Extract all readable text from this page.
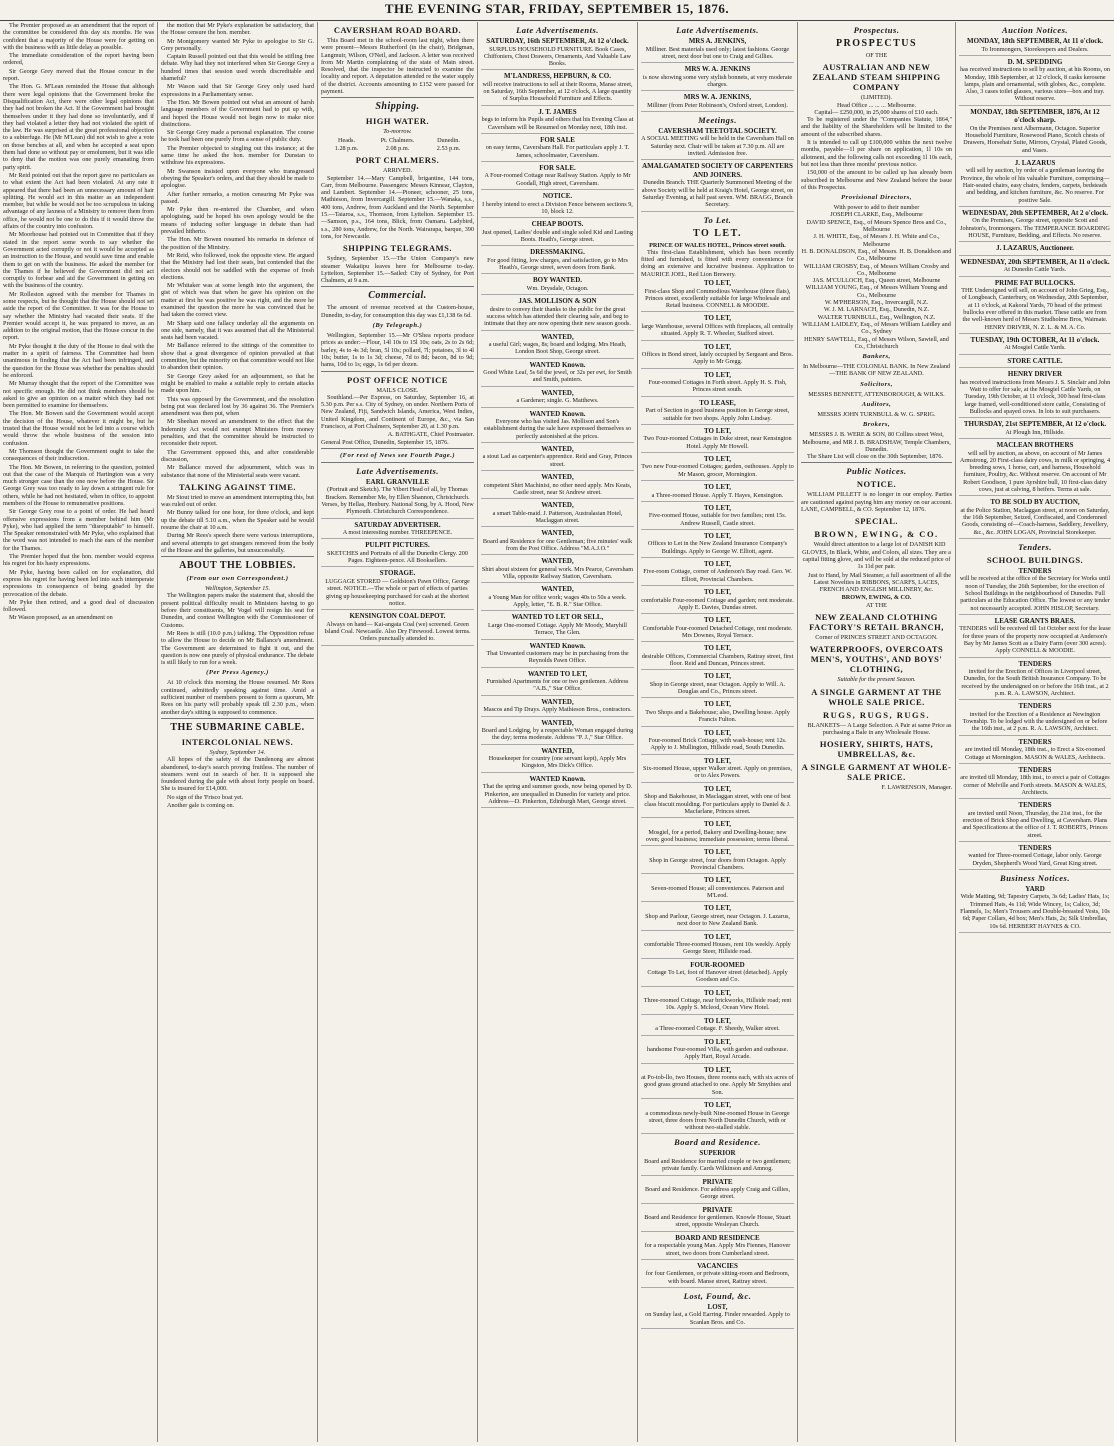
THE EVENING STAR, FRIDAY, SEPTEMBER 15, 1876.

The Premier proposed as an amendment that the report of the committee be considered this day six months. He was confident that a majority of the House were for getting on with the business with as little delay as possible.

The immediate consideration of the report having been ordered,

Sir George Grey moved that the House concur in the report.

The Hon. G. M'Lean reminded the House that although there were legal opinions that the Government broke the Disqualification Act, there were other legal opinions that they had not broken the Act. If the Government had brought themselves under it they had done so involuntarily, and if they had violated a letter they had not violated the spirit of the law. He was surprised at the great professional objection to a subterfuge. He (Mr M'Lean) did not wish to give a vote on those benches at all, and when he accepted a seat upon them had done so without pay or emolument, but it was idle to deny that the motion was one purely emanating from party spirit.

Mr Reid pointed out that the report gave no particulars as to what extent the Act had been violated. At any rate it appeared that there had been an unnecessary amount of hair splitting. He would act in this matter as an independent member, but while he would not be too scrupulous in taking advantage of any laxness of a Ministry to remove them from office, he would not be one to do this if it would throw the affairs of the country into confusion.

Mr Moorhouse had pointed out in Committee that if they stated in the report some words to say whether the Government acted corruptly or not it would be accepted as an instruction to the House, and would save time and enable them to get on with the business. He asked the member for the Thames if he believed the Government did not act corruptly to forbear and aid the Government in getting on with the business of the country.

Mr Rolleston agreed with the member for Thames in some respects, but he thought that the House should not set aside the report of the Committee. It was for the House to say whether the Ministry had vacated their seats. If the Premier would accept it, he was prepared to move, as an addition to the original motion, that the House concur in the report.

Mr Pyke thought it the duty of the House to deal with the matter in a spirit of fairness. The Committee had been unanimous in finding that the Act had been infringed, and the question for the House was whether the penalties should be enforced.

Mr Murray thought that the report of the Committee was not specific enough. He did not think members should be asked to give an opinion on a matter which they had not been permitted to examine for themselves.

The Hon. Mr Bowen said the Government would accept the decision of the House, whatever it might be, but he trusted that the House would not be led into a course which would throw the whole business of the session into confusion.

Mr Thomson thought the Government ought to take the consequences of their indiscretion.

The Hon. Mr Bowen, in referring to the question, pointed out that the case of the Marquis of Hartington was a very much stronger case than the one now before the House. Sir George Grey was too ready to lay down a stringent rule for others, while he had not hesitated, when in office, to appoint members of the House to remunerative positions.

Sir George Grey rose to a point of order. He had heard offensive expressions from a member behind him (Mr Pyke), who had applied the term "disreputable" to himself. The Speaker remonstrated with Mr Pyke, who explained that the word was not intended to reach the ears of the member for the Thames.

The Premier hoped that the hon. member would express his regret for his hasty expressions.

Mr Pyke, having been called on for explanation, did express his regret for having been led into such intemperate expressions in consequence of being goaded by the provocation of the debate.

Mr Pyke then retired, and a good deal of discussion followed.

Mr Wason proposed, as an amendment on

the motion that Mr Pyke's explanation be satisfactory, that the House censure the hon. member.

Mr Montgomery wanted Mr Pyke to apologise to Sir G. Grey personally.

Captain Russell pointed out that this would be stifling free debate. Why had they not interfered when Sir George Grey a hundred times that session used words discreditable and shameful?

Mr Wason said that Sir George Grey only used hard expressions in a Parliamentary sense.

The Hon. Mr Bowen pointed out what an amount of harsh language members of the Government had to put up with, and hoped the House would not begin now to make nice distinctions.

Sir George Grey made a personal explanation. The course he took had been one purely from a sense of public duty.

The Premier objected to singling out this instance; at the same time he asked the hon. member for Dunstan to withdraw his expressions.

Mr Swanson insisted upon everyone who transgressed obeying the Speaker's orders, and that they should be made to apologise.

After further remarks, a motion censuring Mr Pyke was passed.

Mr Pyke then re-entered the Chamber, and when apologising, said he hoped his own apology would be the means of inducing softer language in debate than had prevailed hitherto.

The Hon. Mr Bowen resumed his remarks in defence of the position of the Ministry.

Mr Reid, who followed, took the opposite view. He argued that the Ministry had lost their seats, but contended that the electors should not be saddled with the expense of fresh elections.

Mr Whitaker was at some length into the argument, the gist of which was that when he gave his opinion on the matter at first he was positive he was right, and the more he examined the question the more he was convinced that he had taken the correct view.

Mr Sharp said one fallacy underlay all the arguments on one side, namely, that it was assumed that all the Ministerial seats had been vacated.

Mr Ballance referred to the sittings of the committee to show that a great divergence of opinion prevailed at that committee, but the minority on that committee would not like to abandon their opinion.

Sir George Grey asked for an adjournment, so that he might be enabled to make a suitable reply to certain attacks made upon him.

This was opposed by the Government, and the resolution being put was declared lost by 36 against 36. The Premier's amendment was then put, when

Mr Sheehan moved an amendment to the effect that the Indemnity Act would not exempt Ministers from money penalties, and that the committee should be instructed to reconsider their report.

The Government opposed this, and after considerable discussion,

Mr Ballance moved the adjournment, which was in substance that none of the Ministerial seats were vacant.

TALKING AGAINST TIME.

Mr Stout tried to move an amendment interrupting this, but was ruled out of order.

Mr Bunny talked for one hour, for three o'clock, and kept up the debate till 5.10 a.m., when the Speaker said he would resume the chair at 10 a.m.

During Mr Rees's speech there were various interruptions, and several attempts to get strangers removed from the body of the House and the galleries, but unsuccessfully.

ABOUT THE LOBBIES.
(From our own Correspondent.)
Wellington, September 15.

The Wellington papers make the statement that, should the present political difficulty result in Ministers having to go before their constituents, Mr Vogel will resign his seat for Dunedin, and contest Wellington with the Commissioner of Customs.

Mr Rees is still (10.0 p.m.) talking. The Opposition refuse to allow the House to decide on Mr Ballance's amendment. The Government are determined to fight it out, and the question is now one purely of physical endurance. The debate is still likely to run for a week.

(Per Press Agency.)

At 10 o'clock this morning the House resumed. Mr Rees continued, admittedly speaking against time. Amid a sufficient number of members present to form a quorum, Mr Rees on his party will probably speak till 2.30 p.m., when another day's sitting is supposed to commence.

THE SUBMARINE CABLE.
INTERCOLONIAL NEWS.
Sydney, September 14.

All hopes of the safety of the Dandenong are almost abandoned, to-day's search proving fruitless. The number of steamers went out in search of her. It is supposed she foundered during the gale with about forty people on board. She is insured for £14,000.

No sign of the 'Frisco boat yet.

Another gale is coming on.

CAVERSHAM ROAD BOARD.

This Board met in the school-room last night, when there were present—Messrs Rutherford (in the chair), Bridgman, Langmuir, Wilson, O'Neil, and Jackson. A letter was received from Mr Martin complaining of the state of Main street. Resolved, that the inspector be instructed to examine the locality and report. A deputation attended re the water supply of the district. Accounts amounting to £152 were passed for payment.

Shipping.
HIGH WATER.
To-morrow.
Heads.	Pt. Chalmers.	Dunedin.
1.28 p.m.	2.08 p.m.	2.53 p.m.
PORT CHALMERS.
ARRIVED.

September 14.—Mary Campbell, brigantine, 144 tons, Carr, from Melbourne. Passengers: Messrs Kinnear, Clayton, and Lambert. September 14.—Pioneer, schooner, 25 tons, Mathieson, from Invercargill. September 15.—Wanaka, s.s., 400 tons, Andrew, from Auckland and the North. September 15.—Taiaroa, s.s., Thomson, from Lyttelton. September 15.—Samson, p.s., 164 tons, Blick, from Oamaru. Ladybird, s.s., 280 tons, Andrew, for the North. Wairarapa, barque, 390 tons, for Newcastle.

SHIPPING TELEGRAMS.

Sydney, September 15.—The Union Company's new steamer Wakatipu leaves here for Melbourne to-day. Lyttelton, September 15.—Sailed: City of Sydney, for Port Chalmers, at 9 a.m.

Commercial.

The amount of revenue received at the Custom-house, Dunedin, to-day, for consumption this day was £1,138 6s 6d.

(By Telegraph.)

Wellington, September 15.—Mr O'Shea reports produce prices as under:—Flour, 14l 10s to 15l 10s; oats, 2s to 2s 6d; barley, 4s to 4s 3d; bran, 5l 10s; pollard, 7l; potatoes, 3l to 4l 10s; butter, 1s to 1s 3d; cheese, 7d to 8d; bacon, 8d to 9d; hams, 10d to 1s; eggs, 1s 6d per dozen.

POST OFFICE NOTICE
MAILS CLOSE.

Southland.—Per Express, on Saturday, September 16, at 5.30 p.m. Per s.s. City of Sydney, on under. Northern Ports of New Zealand, Fiji, Sandwich Islands, America, West Indies, United Kingdom, and Continent of Europe, &c., via San Francisco, at Port Chalmers, September 20, at 1.30 p.m.

A. BATHGATE, Chief Postmaster.
General Post Office, Dunedin, September 15, 1876.
(For rest of News see Fourth Page.)
Late Advertisements.
EARL GRANVILLE
(Portrait and Sketch). The Vibert Head of all, by Thomas Bracken. Remember Me, by Ellen Shannon, Christchurch. Verses, by Hellas, Henbury. National Song, by A. Hood, New Plymouth. Christchurch Correspondence.
SATURDAY ADVERTISER.
A most interesting number. THREEPENCE.
PULPIT PICTURES.
SKETCHES and Portraits of all the Dunedin Clergy. 200 Pages. Eighteen-pence. All Booksellers.
STORAGE.
LUGGAGE STORED — Goldston's Pawn Office, George street. NOTICE.—The whole or part of effects of parties giving up housekeeping purchased for cash at the shortest notice.
KENSINGTON COAL DEPOT.
Always on hand— Kai-angata Coal (we) screened. Green Island Coal. Newcastle. Also Dry Firewood. Lowest terms. Orders punctually attended to.
Late Advertisements.
SATURDAY, 16th SEPTEMBER, At 12 o'clock.
SURPLUS HOUSEHOLD FURNITURE. Book Cases, Chiffoniers, Chest Drawers, Ornaments, And Valuable Law Books.
M'LANDRESS, HEPBURN, & CO.
will receive instructions to sell at their Rooms, Manse street, on Saturday, 16th September, at 12 o'clock, A large quantity of Surplus Household Furniture and Effects.
J. T. JAMES
begs to inform his Pupils and others that his Evening Class at Caversham will be Resumed on Monday next, 18th inst.
FOR SALE
on easy terms, Caversham Hall. For particulars apply J. T. James, schoolmaster, Caversham.
FOR SALE.
A Four-roomed Cottage near Railway Station. Apply to Mr Goodall, High street, Caversham.
NOTICE.
I hereby intend to erect a Division Fence between sections 9, 10, block 12.
CHEAP BOOTS.
Just opened, Ladies' double and single soled Kid and Lasting Boots. Heath's, George street.
DRESSMAKING.
For good fitting, low charges, and satisfaction, go to Mrs Heath's, George street, seven doors from Bank.
BOY WANTED.
Wm. Drysdale, Octagon.
JAS. MOLLISON & SON
desire to convey their thanks to the public for the great success which has attended their clearing sale, and beg to intimate that they are now opening their new season goods.
WANTED,
a useful Girl; wages, 8s; board and lodging. Mrs Heath, London Boot Shop, George street.
WANTED Known.
Good White Leaf, 5s 6d the jewel, or 32s per ewt, for Smith and Smith, painters.
WANTED,
a Gardener; single. G. Matthews.
WANTED Known.
Everyone who has visited Jas. Mollison and Son's establishment during the sale have expressed themselves so perfectly astonished at the prices.
WANTED,
a stout Lad as carpenter's apprentice. Reid and Gray, Princes street.
WANTED,
competent Shirt Machinist, no other need apply. Mrs Keats, Castle street, near St Andrew street.
WANTED,
a smart Table-maid. J. Patterson, Australasian Hotel, Maclaggan street.
WANTED,
Board and Residence for one Gentleman; five minutes' walk from the Post Office. Address "M.A.J.O."
WANTED,
Shirt about sixteen for general work. Mrs Pearce, Caversham Villa, opposite Railway Station, Caversham.
WANTED,
a Young Man for office work; wages 40s to 50s a week. Apply, letter, "E. B. R." Star Office.
WANTED TO LET OR SELL,
Large One-roomed Cottage. Apply Mr Moody, Maryhill Terrace, The Glen.
WANTED Known.
That Unwanted customers may be in purchasing from the Reynolds Pawn Office.
WANTED TO LET,
Furnished Apartments for one or two gentlemen. Address "A.B.," Star Office.
WANTED,
Mascos and Tip Drays. Apply Mathieson Bros., contractors.
WANTED,
Board and Lodging, by a respectable Woman engaged during the day; terms moderate. Address "P. J.," Star Office.
WANTED,
Housekeeper for country (one servant kept), Apply Mrs Kingston, Mrs Dick's Office.
WANTED Known.
That the spring and summer goods, now being opened by D. Pinkerton, are unequalled in Dunedin for variety and price. Address—D. Pinkerton, Edinburgh Mart, George street.
Late Advertisements.
MRS A. JENKINS,
Milliner. Best materials used only; latest fashions. George street, next door but one to Craig and Gillies.
MRS W. A. JENKINS
is now showing some very stylish bonnets, at very moderate charges.
MRS W. A. JENKINS,
Milliner (from Peter Robinson's, Oxford street, London).
Meetings.
CAVERSHAM TEETOTAL SOCIETY.
A SOCIAL MEETING will be held in the Caversham Hall on Saturday next. Chair will be taken at 7.30 p.m. All are invited. Admission free.
AMALGAMATED SOCIETY OF CARPENTERS AND JOINERS.
Dunedin Branch. THE Quarterly Summoned Meeting of the above Society will be held at Kraig's Hotel, George street, on Saturday Evening, at half past seven. WM. BRAGG, Branch Secretary.
To Let.
TO LET.
PRINCE OF WALES HOTEL, Princes street south.

This first-class Establishment, which has been recently fitted and furnished, is fitted with every convenience for doing an extensive and lucrative business. Application to MAURICE JOEL, Red Lion Brewery.

TO LET,
First-class Shop and Commodious Warehouse (three flats), Princes street, excellently suitable for large Wholesale and Retail business. CONNELL & MOODIE.
TO LET,
large Warehouse, several Offices with fireplaces, all centrally situated. Apply R. T. Wheeler, Stafford street.
TO LET,
Offices in Bond street, lately occupied by Sergeant and Bros. Apply to Mr Gregg.
TO LET,
Four-roomed Cottages in Forth street. Apply H. S. Fish, Princes street south.
TO LEASE,
Part of Section in good business position in George street, suitable for two shops. Apply John Lindsay.
TO LET,
Two Four-roomed Cottages in Duke street, near Kensington Hotel. Apply Mr Howell.
TO LET,
Two new Four-roomed Cottages; garden, outhouses. Apply to Mr Mason, grocer, Mornington.
TO LET,
a Three-roomed House. Apply T. Hayes, Kensington.
TO LET,
Five-roomed House, suitable for two families; rent 15s. Andrew Russell, Castle street.
TO LET,
Offices to Let in the New Zealand Insurance Company's Buildings. Apply to George W. Elliott, agent.
TO LET,
Five-room Cottage, corner of Anderson's Bay road. Geo. W. Elliott, Provincial Chambers.
TO LET,
comfortable Four-roomed Cottage and garden; rent moderate. Apply E. Davies, Dundas street.
TO LET,
Comfortable Four-roomed Detached Cottage, rent moderate. Mrs Downes, Royal Terrace.
TO LET,
desirable Offices, Commercial Chambers, Rattray street, first floor. Reid and Duncan, Princes street.
TO LET,
Shop in George street, near Octagon. Apply to Will. A. Douglas and Co., Princes street.
TO LET,
Two Shops and a Bakehouse; also, Dwelling house. Apply Francis Fulton.
TO LET,
Four-roomed Brick Cottage, with wash-house; rent 12s. Apply to J. Mullington, Hillside road, South Dunedin.
TO LET,
Six-roomed House, upper Walker street. Apply on premises, or to Alex Powers.
TO LET,
Shop and Bakehouse, in Maclaggan street, with one of best class biscuit moulding. For particulars apply to Daniel & J. Macfarlane, Princes street.
TO LET,
Mosgiel, for a period, Bakery and Dwelling-house; new oven; good business; immediate possession; terms liberal.
TO LET,
Shop in George street, four doors from Octagon. Apply Provincial Chambers.
TO LET,
Seven-roomed House; all conveniences. Paterson and M'Leod.
TO LET,
Shop and Parlour, George street, near Octagon. J. Lazarus, next door to New Zealand Bank.
TO LET,
comfortable Three-roomed Houses, rent 10s weekly. Apply George Steer, Hillside road.
FOUR-ROOMED
Cottage To Let, foot of Hanover street (detached). Apply Goodson and Co.
TO LET,
Three-roomed Cottage, near brickworks, Hillside road; rent 10s. Apply S. Mcleod, Ocean View Hotel.
TO LET,
a Three-roomed Cottage. F. Sheedy, Walker street.
TO LET,
handsome Four-roomed Villa, with garden and outhouse. Apply Hart, Royal Arcade.
TO LET,
at Po-tob-llo, two Houses, three rooms each, with six acres of good grass ground attached to one. Apply Mr Smythies and Son.
TO LET,
a commodious newly-built Nine-roomed House in George street, three doors from North Dunedin Church, with or without two-stalled stable.
Board and Residence.
SUPERIOR
Board and Residence for married couple or two gentlemen; private family. Cards Wilkinson and Amnog.
PRIVATE
Board and Residence. For address apply Craig and Gillies, George street.
PRIVATE
Board and Residence for gentlemen. Knowle House, Stuart street, opposite Wesleyan Church.
BOARD AND RESIDENCE
for a respectable young Man. Apply Mrs Fiennes, Hanover street, two doors from Cumberland street.
VACANCIES
for four Gentlemen, or private sitting-room and Bedroom, with board. Manse street, Rattray street.
Lost, Found, &c.
LOST,
on Sunday last, a Gold Earring. Finder rewarded. Apply to Scanlan Bros. and Co.
Prospectus.
PROSPECTUS
OF THE
AUSTRALIAN AND NEW ZEALAND STEAM SHIPPING COMPANY
(LIMITED).
Head Office ... ... ... Melbourne.
Capital— £250,000, in 25,000 shares of £10 each.

To be registered under the "Companies Statute, 1864," and the liability of the Shareholders will be limited to the amount of the subscribed shares.

It is intended to call up £100,000 within the next twelve months, payable—1l per share on application, 1l 10s on allotment, and the following calls not exceeding 1l 10s each, but not less than three months' previous notice.

150,000 of the amount to be called up has already been subscribed in Melbourne and New Zealand before the issue of this Prospectus.

Provisional Directors,
With power to add to their number
JOSEPH CLARKE, Esq., Melbourne
DAVID SPENCE, Esq., of Messrs Spence Bros and Co., Melbourne
J. H. WHITE, Esq., of Messrs J. H. White and Co., Melbourne
H. B. DONALDSON, Esq., of Messrs. H. B. Donaldson and Co., Melbourne
WILLIAM CROSBY, Esq., of Messrs William Crosby and Co., Melbourne
JAS. M'CULLOCH, Esq., Queen street, Melbourne
WILLIAM YOUNG, Esq., of Messrs William Young and Co., Melbourne
W. M'PHERSON, Esq., Invercargill, N.Z.
W. J. M. LARNACH, Esq., Dunedin, N.Z.
WALTER TURNBULL, Esq., Wellington, N.Z.
WILLIAM LAIDLEY, Esq., of Messrs William Laidley and Co., Sydney
HENRY SAWTELL, Esq., of Messrs Wilson, Sawtell, and Co., Christchurch
Bankers,
In Melbourne—THE COLONIAL BANK. In New Zealand—THE BANK OF NEW ZEALAND.
Solicitors,
MESSRS BENNETT, ATTENBOROUGH, & WILKS.
Auditors,
MESSRS JOHN TURNBULL & W. G. SPRIG.
Brokers,
MESSRS J. B. WERE & SON, 80 Collins street West, Melbourne, and MR J. B. BRADSHAW, Temple Chambers, Dunedin.

The Share List will close on the 30th September, 1876.

Public Notices.
NOTICE.

WILLIAM PILLETT is no longer in our employ. Parties are cautioned against paying him any money on our account. LANE, CAMPBELL, & CO. September 12, 1876.

SPECIAL.
BROWN, EWING, & CO.

Would direct attention to a large lot of DANISH KID GLOVES, In Black, White, and Colors, all sizes. They are a capital fitting glove, and will be sold at the reduced price of 1s 11d per pair.

Just to Hand, by Mail Steamer, a full assortment of all the Latest Novelties in RIBBONS, SCARFS, LACES, FRENCH AND ENGLISH MILLINERY, &c.

BROWN, EWING, & CO.
AT THE
NEW ZEALAND CLOTHING FACTORY'S RETAIL BRANCH,
Corner of PRINCES STREET AND OCTAGON.
WATERPROOFS, OVERCOATS MEN'S, YOUTHS', AND BOYS' CLOTHING,
Suitable for the present Season.
A SINGLE GARMENT AT THE WHOLE SALE PRICE.
RUGS, RUGS, RUGS.

BLANKETS— A Large Selection. A Pair at same Price as purchasing a Bale in any Wholesale House.

HOSIERY, SHIRTS, HATS, UMBRELLAS, &c.
A SINGLE GARMENT AT WHOLE-SALE PRICE.
F. LAWRENSON, Manager.
Auction Notices.
MONDAY, 18th SEPTEMBER, At 11 o'clock.
To Ironmongers, Storekeepers and Dealers.
D. M. SPEDDING
has received instructions to sell by auction, at his Rooms, on Monday, 18th September, at 12 o'clock, 8 casks kerosene lamps, plain and ornamental, with globes, &c., complete. Also, 3 cases toilet glasses, various sizes—box and tray. Without reserve.
MONDAY, 18th SEPTEMBER, 1876, At 12 o'clock sharp.
On the Premises next Albermann, Octagon. Superior Household Furniture, Rosewood Piano, Scotch chests of Drawers, Horsehair Suite, Mirrors, Crystal, Plated Goods, and Vases.
J. LAZARUS
will sell by auction, by order of a gentleman leaving the Province, the whole of his valuable Furniture, comprising—Hair-seated chairs, easy chairs, fenders, carpets, bedsteads and bedding, and kitchen furniture, &c. No reserve. For positive Sale.
WEDNESDAY, 20th SEPTEMBER, At 2 o'clock.
On the Premises, George street, opposite Scott and Johnston's, Ironmongers. The TEMPERANCE BOARDING HOUSE, Furniture, Bedding, and Effects. No reserve.
J. LAZARUS, Auctioneer.
WEDNESDAY, 20th SEPTEMBER, At 11 o'clock.
At Dunedin Cattle Yards.
PRIME FAT BULLOCKS.
THE Undersigned will sell, on account of John Grieg, Esq., of Longbeach, Canterbury, on Wednesday, 20th September, at 11 o'clock, at Kakoral Yards, 70 head of the primest bullocks ever offered in this market. These cattle are from the well-known herd of Messrs Studholme Bros, Waimate. HENRY DRIVER, N. Z. L. & M. A. Co.
TUESDAY, 19th OCTOBER, At 11 o'clock.
At Mosgiel Cattle Yards.
STORE CATTLE.
HENRY DRIVER
has received instructions from Messrs J. S. Sinclair and John Watt to offer for sale, at the Mosgiel Cattle Yards, on Tuesday, 19th October, at 11 o'clock, 300 head first-class large framed, well-conditioned store cattle, Consisting of Bullocks and spayed cows. In lots to suit purchasers.
THURSDAY, 21st SEPTEMBER, At 12 o'clock.
At Plough Inn, Hillside.
MACLEAN BROTHERS
will sell by auction, as above, on account of Mr James Armstrong, 20 First-class dairy cows, in milk or springing, 4 breeding sows, 1 horse, cart, and harness, Household furniture, Poultry, &c. Without reserve. On account of Mr Robert Goodison, 1 pure Ayrshire bull, 10 first-class dairy cows, just at calving, 8 heifers. Terms at sale.
TO BE SOLD BY AUCTION,
at the Police Station, Maclaggan street, at noon on Saturday, the 16th September, Seized, Confiscated, and Condemned Goods, consisting of—Coach-harness, Saddlery, Jewellery, &c., &c. JOHN LOGAN, Provincial Storekeeper.
Tenders.
SCHOOL BUILDINGS.
TENDERS
will be received at the office of the Secretary for Works until noon of Tuesday, the 26th September, for the erection of School Buildings in the neighbourhood of Dunedin. Full particulars at the Education Office. The lowest or any tender not necessarily accepted. JOHN HISLOP, Secretary.
LEASE GRANTS BRAES.
TENDERS will be received till 1st October next for the lease for three years of the property now occupied at Anderson's Bay by Mr James Scott as a Dairy Farm (over 300 acres). Apply CONNELL & MOODIE.
TENDERS
invited for the Erection of Offices in Liverpool street, Dunedin, for the South British Insurance Company. To be received by the undersigned on or before the 16th inst., at 2 p.m. R. A. LAWSON, Architect.
TENDERS
invited for the Erection of a Residence at Newington Township. To be lodged with the undersigned on or before the 16th inst., at 2 p.m. R. A. LAWSON, Architect.
TENDERS
are invited till Monday, 18th inst., to Erect a Six-roomed Cottage at Mornington. MASON & WALES, Architects.
TENDERS
are invited till Monday, 18th inst., to erect a pair of Cottages corner of Melville and Forth streets. MASON & WALES, Architects.
TENDERS
are invited until Noon, Thursday, the 21st inst., for the erection of Brick Shop and Dwelling, at Caversham. Plans and Specifications at the office of J. T. ROBERTS, Princes street.
TENDERS
wanted for Three-roomed Cottage, labor only. George Dryden, Shepherd's Wood Yard, Great King street.
Business Notices.
YARD
Wide Matting, 9d; Tapestry Carpets, 3s 6d; Ladies' Hats, 1s; Trimmed Hats, 4s 11d; Wide Wincey, 1s; Calico, 3d; Flannels, 1s; Men's Trousers and Double-breasted Vests, 10s 6d; Paper Collars, 4d box; Men's Hats, 2s; Silk Umbrellas, 10s 6d. HERBERT HAYNES & CO.
